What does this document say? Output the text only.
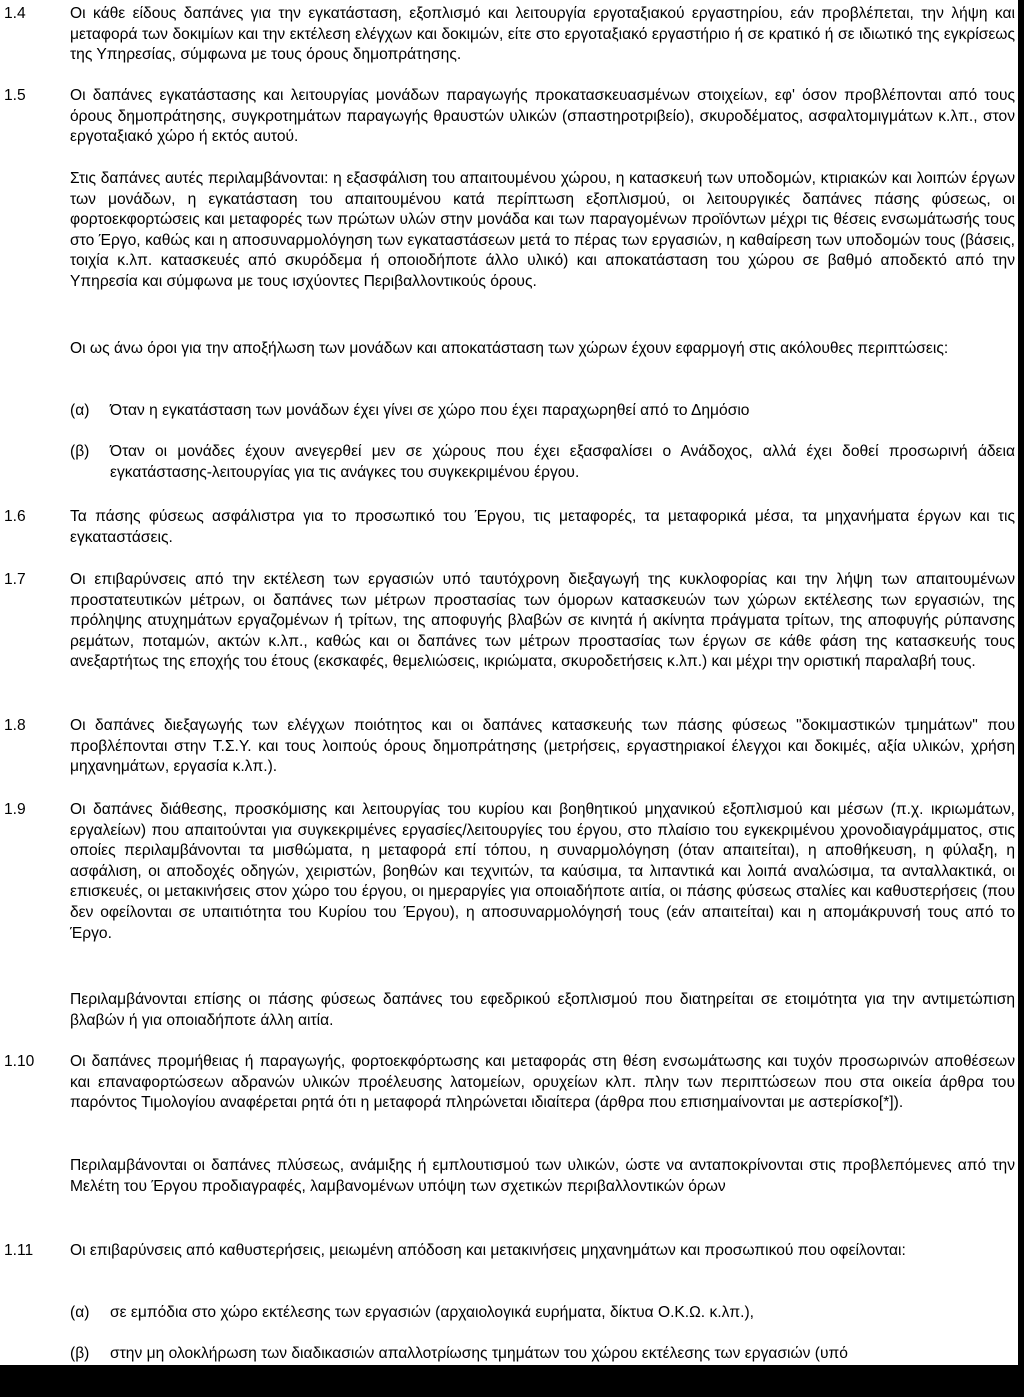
1.4	Οι κάθε είδους δαπάνες για την εγκατάσταση, εξοπλισμό και λειτουργία εργοταξιακού εργαστηρίου, εάν προβλέπεται, την λήψη και μεταφορά των δοκιμίων και την εκτέλεση ελέγχων και δοκιμών, είτε στο εργοταξιακό εργαστήριο ή σε κρατικό ή σε ιδιωτικό της εγκρίσεως της Υπηρεσίας, σύμφωνα με τους όρους δημοπράτησης.
1.5	Οι δαπάνες εγκατάστασης και λειτουργίας μονάδων παραγωγής προκατασκευασμένων στοιχείων, εφ' όσον προβλέπονται από τους όρους δημοπράτησης, συγκροτημάτων παραγωγής θραυστών υλικών (σπαστηροτριβείο), σκυροδέματος, ασφαλτομιγμάτων κ.λπ., στον εργοταξιακό χώρο ή εκτός αυτού.
Στις δαπάνες αυτές περιλαμβάνονται: η εξασφάλιση του απαιτουμένου χώρου, η κατασκευή των υποδομών, κτιριακών και λοιπών έργων των μονάδων, η εγκατάσταση του απαιτουμένου κατά περίπτωση εξοπλισμού, οι λειτουργικές δαπάνες πάσης φύσεως, οι φορτοεκφορτώσεις και μεταφορές των πρώτων υλών στην μονάδα και των παραγομένων προϊόντων μέχρι τις θέσεις ενσωμάτωσής τους στο Έργο, καθώς και η αποσυναρμολόγηση των εγκαταστάσεων μετά το πέρας των εργασιών, η καθαίρεση των υποδομών τους (βάσεις, τοιχία κ.λπ. κατασκευές από σκυρόδεμα ή οποιοδήποτε άλλο υλικό) και αποκατάσταση του χώρου σε βαθμό αποδεκτό από την Υπηρεσία και σύμφωνα με τους ισχύοντες Περιβαλλοντικούς όρους.
Οι ως άνω όροι για την αποξήλωση των μονάδων και αποκατάσταση των χώρων έχουν εφαρμογή στις ακόλουθες περιπτώσεις:
(α) Όταν η εγκατάσταση των μονάδων έχει γίνει σε χώρο που έχει παραχωρηθεί από το Δημόσιο
(β) Όταν οι μονάδες έχουν ανεγερθεί μεν σε χώρους που έχει εξασφαλίσει ο Ανάδοχος, αλλά έχει δοθεί προσωρινή άδεια εγκατάστασης-λειτουργίας για τις ανάγκες του συγκεκριμένου έργου.
1.6	Τα πάσης φύσεως ασφάλιστρα για το προσωπικό του Έργου, τις μεταφορές, τα μεταφορικά μέσα, τα μηχανήματα έργων και τις εγκαταστάσεις.
1.7	Οι επιβαρύνσεις από την εκτέλεση των εργασιών υπό ταυτόχρονη διεξαγωγή της κυκλοφορίας και την λήψη των απαιτουμένων προστατευτικών μέτρων, οι δαπάνες των μέτρων προστασίας των όμορων κατασκευών των χώρων εκτέλεσης των εργασιών, της πρόληψης ατυχημάτων εργαζομένων ή τρίτων, της αποφυγής βλαβών σε κινητά ή ακίνητα πράγματα τρίτων, της αποφυγής ρύπανσης ρεμάτων, ποταμών, ακτών κ.λπ., καθώς και οι δαπάνες των μέτρων προστασίας των έργων σε κάθε φάση της κατασκευής τους ανεξαρτήτως της εποχής του έτους (εκσκαφές, θεμελιώσεις, ικριώματα, σκυροδετήσεις κ.λπ.) και μέχρι την οριστική παραλαβή τους.
1.8	Οι δαπάνες διεξαγωγής των ελέγχων ποιότητος και οι δαπάνες κατασκευής των πάσης φύσεως "δοκιμαστικών τμημάτων" που προβλέπονται στην Τ.Σ.Υ. και τους λοιπούς όρους δημοπράτησης (μετρήσεις, εργαστηριακοί έλεγχοι και δοκιμές, αξία υλικών, χρήση μηχανημάτων, εργασία κ.λπ.).
1.9	Οι δαπάνες διάθεσης, προσκόμισης και λειτουργίας του κυρίου και βοηθητικού μηχανικού εξοπλισμού και μέσων (π.χ. ικριωμάτων, εργαλείων) που απαιτούνται για συγκεκριμένες εργασίες/λειτουργίες του έργου, στο πλαίσιο του εγκεκριμένου χρονοδιαγράμματος, στις οποίες περιλαμβάνονται τα μισθώματα, η μεταφορά επί τόπου, η συναρμολόγηση (όταν απαιτείται), η αποθήκευση, η φύλαξη, η ασφάλιση, οι αποδοχές οδηγών, χειριστών, βοηθών και τεχνιτών, τα καύσιμα, τα λιπαντικά και λοιπά αναλώσιμα, τα ανταλλακτικά, οι επισκευές, οι μετακινήσεις στον χώρο του έργου, οι ημεραργίες για οποιαδήποτε αιτία, οι πάσης φύσεως σταλίες και καθυστερήσεις (που δεν οφείλονται σε υπαιτιότητα του Κυρίου του Έργου), η αποσυναρμολόγησή τους (εάν απαιτείται) και η απομάκρυνσή τους από το Έργο.
Περιλαμβάνονται επίσης οι πάσης φύσεως δαπάνες του εφεδρικού εξοπλισμού που διατηρείται σε ετοιμότητα για την αντιμετώπιση βλαβών ή για οποιαδήποτε άλλη αιτία.
1.10 Οι δαπάνες προμήθειας ή παραγωγής, φορτοεκφόρτωσης και μεταφοράς στη θέση ενσωμάτωσης και τυχόν προσωρινών αποθέσεων και επαναφορτώσεων αδρανών υλικών προέλευσης λατομείων, ορυχείων κλπ. πλην των περιπτώσεων που στα οικεία άρθρα του παρόντος Τιμολογίου αναφέρεται ρητά ότι η μεταφορά πληρώνεται ιδιαίτερα (άρθρα που επισημαίνονται με αστερίσκο[*]).
Περιλαμβάνονται οι δαπάνες πλύσεως, ανάμιξης ή εμπλουτισμού των υλικών, ώστε να ανταποκρίνονται στις προβλεπόμενες από την Μελέτη του Έργου προδιαγραφές, λαμβανομένων υπόψη των σχετικών περιβαλλοντικών όρων
1.11 Οι επιβαρύνσεις από καθυστερήσεις, μειωμένη απόδοση και μετακινήσεις μηχανημάτων και προσωπικού που οφείλονται:
(α) σε εμπόδια στο χώρο εκτέλεσης των εργασιών (αρχαιολογικά ευρήματα, δίκτυα Ο.Κ.Ω. κ.λπ.),
(β) στην μη ολοκλήρωση των διαδικασιών απαλλοτρίωσης τμημάτων του χώρου εκτέλεσης των εργασιών (υπό
